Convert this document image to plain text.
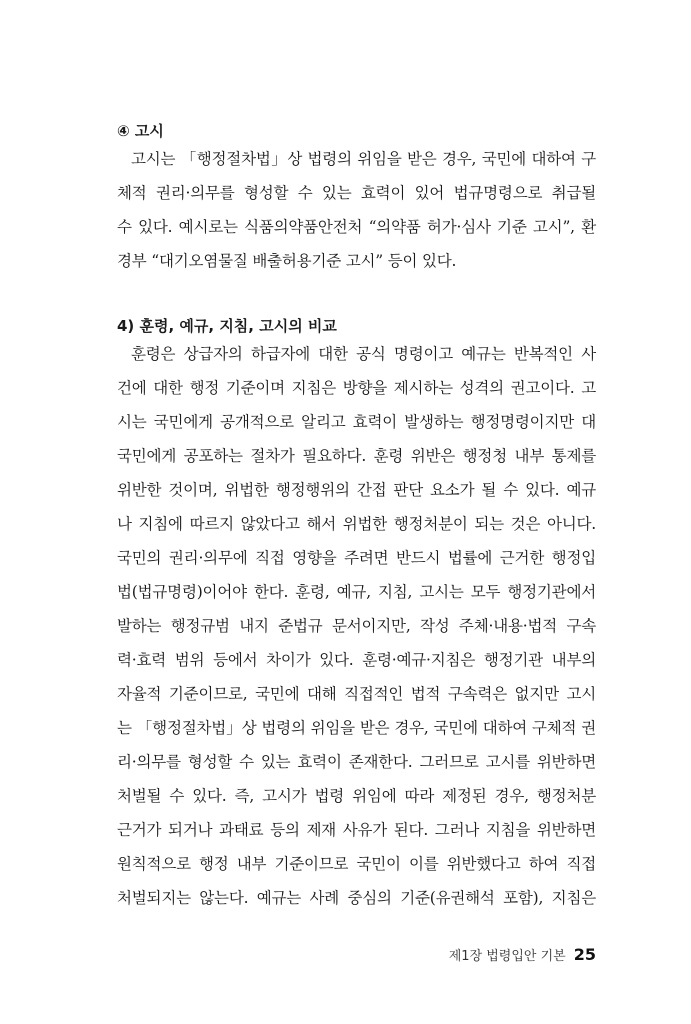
④ 고시
고시는 「행정절차법」상 법령의 위임을 받은 경우, 국민에 대하여 구
체적 권리·의무를 형성할 수 있는 효력이 있어 법규명령으로 취급될
수 있다. 예시로는 식품의약품안전처 “의약품 허가·심사 기준 고시”, 환
경부 “대기오염물질 배출허용기준 고시” 등이 있다.
4) 훈령, 예규, 지침, 고시의 비교
훈령은 상급자의 하급자에 대한 공식 명령이고 예규는 반복적인 사
건에 대한 행정 기준이며 지침은 방향을 제시하는 성격의 권고이다. 고
시는 국민에게 공개적으로 알리고 효력이 발생하는 행정명령이지만 대
국민에게 공포하는 절차가 필요하다. 훈령 위반은 행정청 내부 통제를
위반한 것이며, 위법한 행정행위의 간접 판단 요소가 될 수 있다. 예규
나 지침에 따르지 않았다고 해서 위법한 행정처분이 되는 것은 아니다.
국민의 권리·의무에 직접 영향을 주려면 반드시 법률에 근거한 행정입
법(법규명령)이어야 한다. 훈령, 예규, 지침, 고시는 모두 행정기관에서
발하는 행정규범 내지 준법규 문서이지만, 작성 주체·내용·법적 구속
력·효력 범위 등에서 차이가 있다. 훈령·예규·지침은 행정기관 내부의
자율적 기준이므로, 국민에 대해 직접적인 법적 구속력은 없지만 고시
는 「행정절차법」상 법령의 위임을 받은 경우, 국민에 대하여 구체적 권
리·의무를 형성할 수 있는 효력이 존재한다. 그러므로 고시를 위반하면
처벌될 수 있다. 즉, 고시가 법령 위임에 따라 제정된 경우, 행정처분
근거가 되거나 과태료 등의 제재 사유가 된다. 그러나 지침을 위반하면
원칙적으로 행정 내부 기준이므로 국민이 이를 위반했다고 하여 직접
처벌되지는 않는다. 예규는 사례 중심의 기준(유권해석 포함), 지침은
제1장 법령입안 기본 25
